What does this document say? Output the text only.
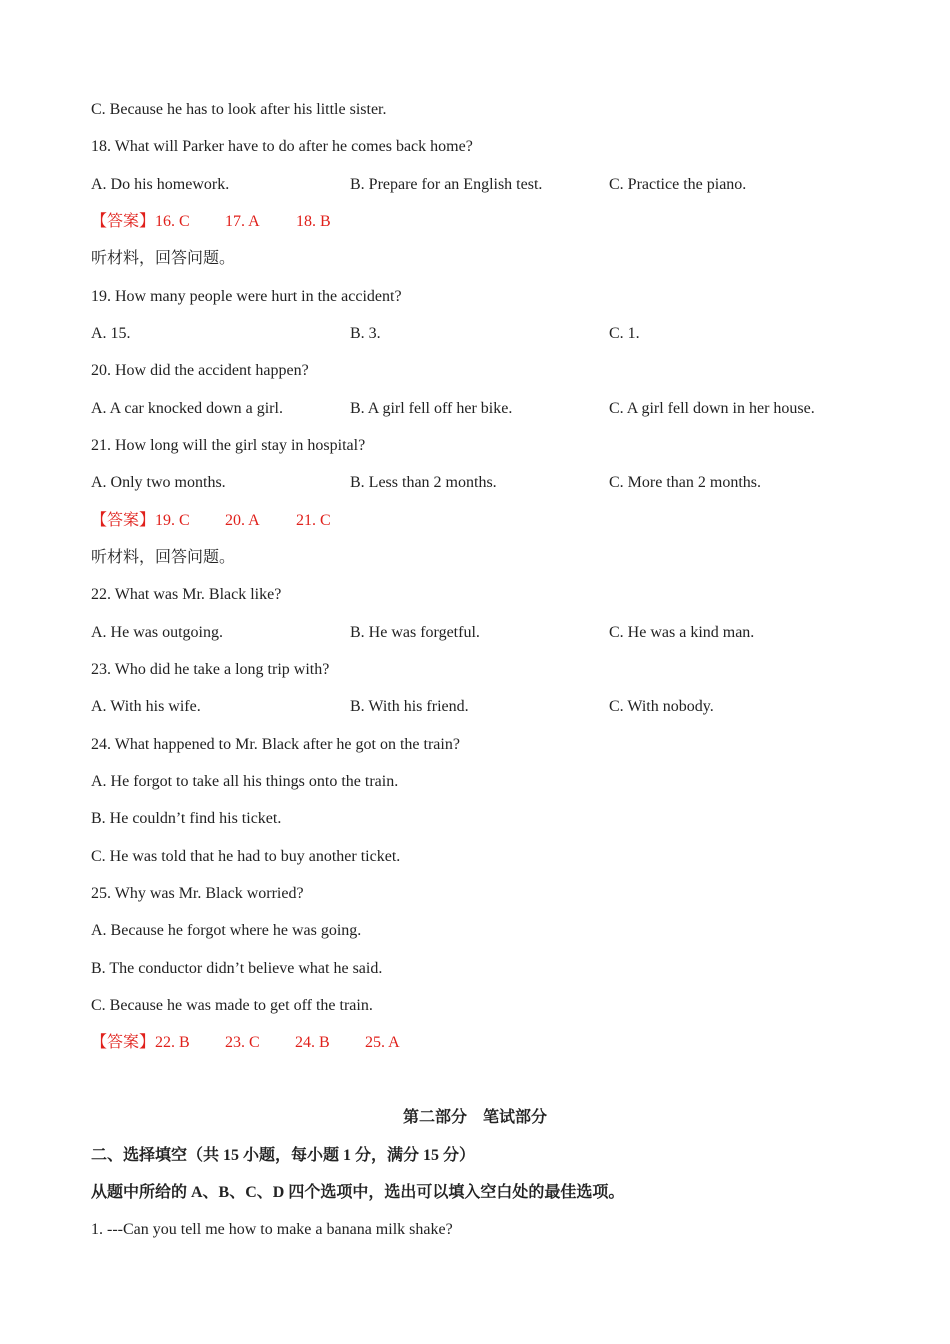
C. Because he has to look after his little sister.
18. What will Parker have to do after he comes back home?
A. Do his homework.	B. Prepare for an English test.	C. Practice the piano.
【答案】16. C 17. A 18. B
听材料，回答问题。
19. How many people were hurt in the accident?
A. 15.	B. 3.	C. 1.
20. How did the accident happen?
A. A car knocked down a girl.	B. A girl fell off her bike.	C. A girl fell down in her house.
21. How long will the girl stay in hospital?
A. Only two months.	B. Less than 2 months.	C. More than 2 months.
【答案】19. C 20. A 21. C
听材料，回答问题。
22. What was Mr. Black like?
A. He was outgoing.	B. He was forgetful.	C. He was a kind man.
23. Who did he take a long trip with?
A. With his wife.	B. With his friend.	C. With nobody.
24. What happened to Mr. Black after he got on the train?
A. He forgot to take all his things onto the train.
B. He couldn’t find his ticket.
C. He was told that he had to buy another ticket.
25. Why was Mr. Black worried?
A. Because he forgot where he was going.
B. The conductor didn’t believe what he said.
C. Because he was made to get off the train.
【答案】22. B 23. C 24. B 25. A
第二部分　笔试部分
二、选择填空（共 15 小题，每小题 1 分，满分 15 分）
从题中所给的 A、B、C、D 四个选项中，选出可以填入空白处的最佳选项。
1. ---Can you tell me how to make a banana milk shake?
